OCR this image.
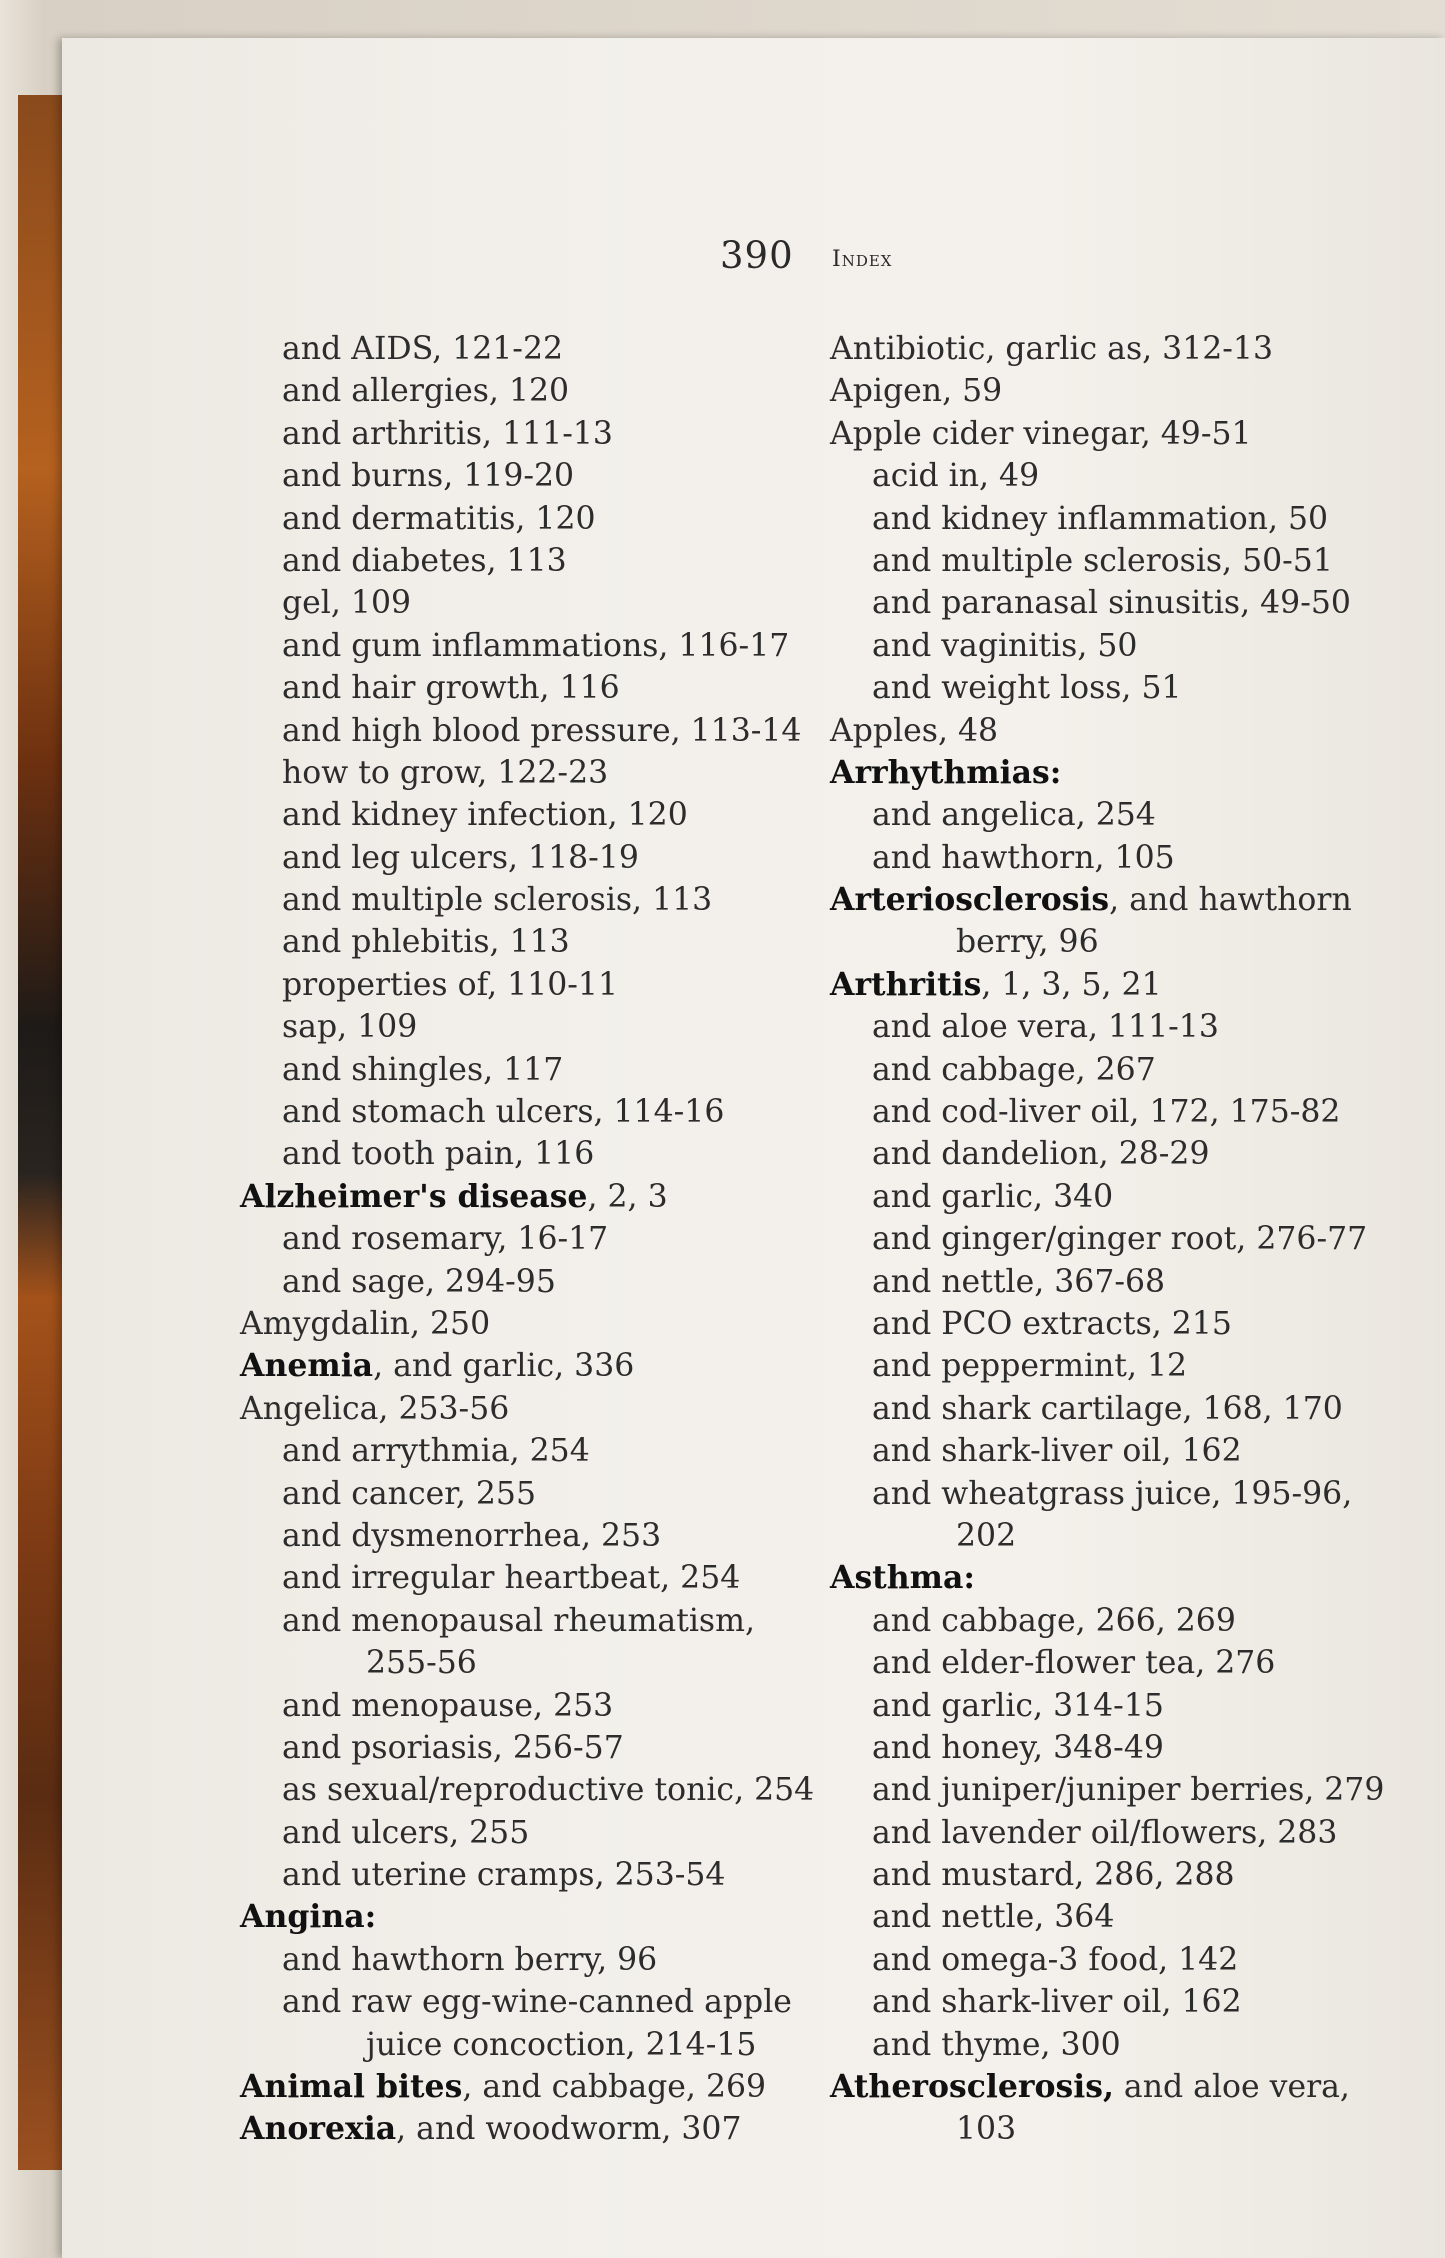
390 Index
and AIDS, 121-22
and allergies, 120
and arthritis, 111-13
and burns, 119-20
and dermatitis, 120
and diabetes, 113
gel, 109
and gum inflammations, 116-17
and hair growth, 116
and high blood pressure, 113-14
how to grow, 122-23
and kidney infection, 120
and leg ulcers, 118-19
and multiple sclerosis, 113
and phlebitis, 113
properties of, 110-11
sap, 109
and shingles, 117
and stomach ulcers, 114-16
and tooth pain, 116
Alzheimer's disease, 2, 3
and rosemary, 16-17
and sage, 294-95
Amygdalin, 250
Anemia, and garlic, 336
Angelica, 253-56
and arrythmia, 254
and cancer, 255
and dysmenorrhea, 253
and irregular heartbeat, 254
and menopausal rheumatism,
255-56
and menopause, 253
and psoriasis, 256-57
as sexual/reproductive tonic, 254
and ulcers, 255
and uterine cramps, 253-54
Angina:
and hawthorn berry, 96
and raw egg-wine-canned apple
juice concoction, 214-15
Animal bites, and cabbage, 269
Anorexia, and woodworm, 307
Antibiotic, garlic as, 312-13
Apigen, 59
Apple cider vinegar, 49-51
acid in, 49
and kidney inflammation, 50
and multiple sclerosis, 50-51
and paranasal sinusitis, 49-50
and vaginitis, 50
and weight loss, 51
Apples, 48
Arrhythmias:
and angelica, 254
and hawthorn, 105
Arteriosclerosis, and hawthorn
berry, 96
Arthritis, 1, 3, 5, 21
and aloe vera, 111-13
and cabbage, 267
and cod-liver oil, 172, 175-82
and dandelion, 28-29
and garlic, 340
and ginger/ginger root, 276-77
and nettle, 367-68
and PCO extracts, 215
and peppermint, 12
and shark cartilage, 168, 170
and shark-liver oil, 162
and wheatgrass juice, 195-96,
202
Asthma:
and cabbage, 266, 269
and elder-flower tea, 276
and garlic, 314-15
and honey, 348-49
and juniper/juniper berries, 279
and lavender oil/flowers, 283
and mustard, 286, 288
and nettle, 364
and omega-3 food, 142
and shark-liver oil, 162
and thyme, 300
Atherosclerosis, and aloe vera,
103
